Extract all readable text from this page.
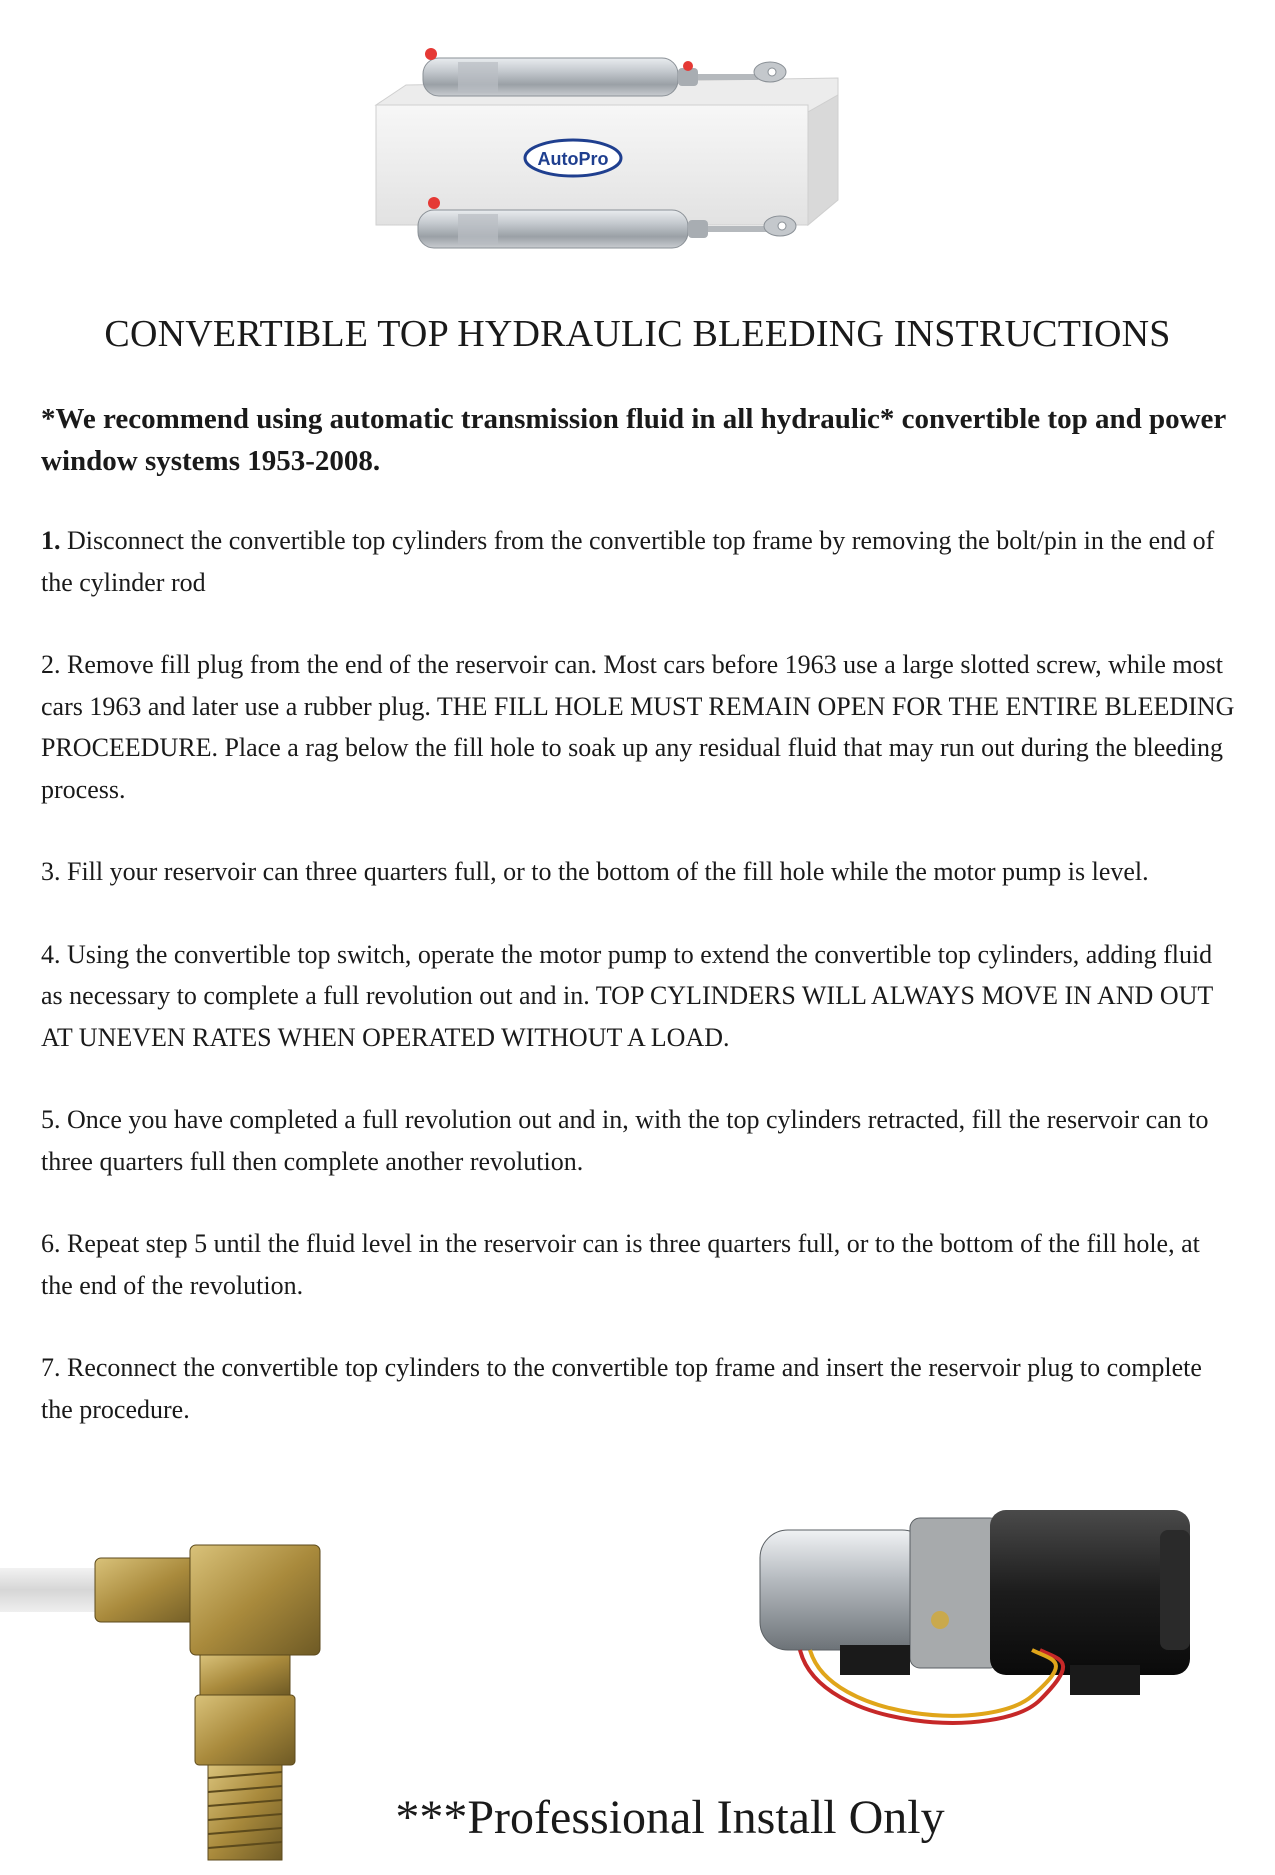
AutoPro
CONVERTIBLE TOP HYDRAULIC BLEEDING INSTRUCTIONS

*We recommend using automatic transmission fluid in all hydraulic* convertible top and power window systems 1953-2008.

1. Disconnect the convertible top cylinders from the convertible top frame by removing the bolt/pin in the end of the cylinder rod

2. Remove fill plug from the end of the reservoir can. Most cars before 1963 use a large slotted screw, while most cars 1963 and later use a rubber plug. THE FILL HOLE MUST REMAIN OPEN FOR THE ENTIRE BLEEDING PROCEEDURE. Place a rag below the fill hole to soak up any residual fluid that may run out during the bleeding process.

3. Fill your reservoir can three quarters full, or to the bottom of the fill hole while the motor pump is level.

4. Using the convertible top switch, operate the motor pump to extend the convertible top cylinders, adding fluid as necessary to complete a full revolution out and in. TOP CYLINDERS WILL ALWAYS MOVE IN AND OUT AT UNEVEN RATES WHEN OPERATED WITHOUT A LOAD.

5. Once you have completed a full revolution out and in, with the top cylinders retracted, fill the reservoir can to three quarters full then complete another revolution.

6. Repeat step 5 until the fluid level in the reservoir can is three quarters full, or to the bottom of the fill hole, at the end of the revolution.

7. Reconnect the convertible top cylinders to the convertible top frame and insert the reservoir plug to complete the procedure.

***Professional Install Only
